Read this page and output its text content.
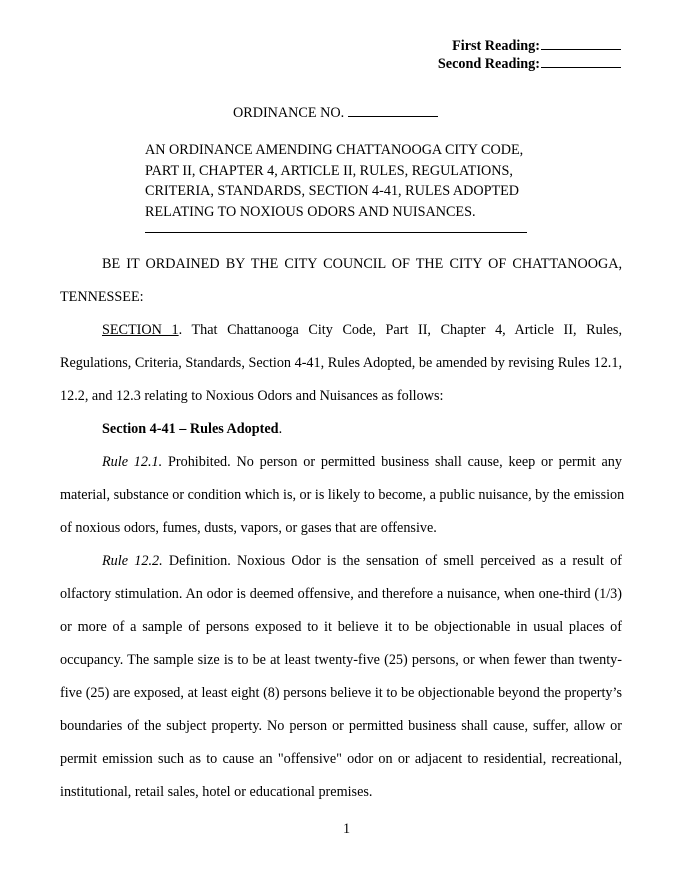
First Reading:
Second Reading:
ORDINANCE NO.

AN ORDINANCE AMENDING CHATTANOOGA CITY CODE,
PART II, CHAPTER 4, ARTICLE II, RULES, REGULATIONS,
CRITERIA, STANDARDS, SECTION 4-41, RULES ADOPTED
RELATING TO NOXIOUS ODORS AND NUISANCES.

BE IT ORDAINED BY THE CITY COUNCIL OF THE CITY OF CHATTANOOGA,
TENNESSEE:
SECTION 1. That Chattanooga City Code, Part II, Chapter 4, Article II, Rules,
Regulations, Criteria, Standards, Section 4-41, Rules Adopted, be amended by revising Rules 12.1,
12.2, and 12.3 relating to Noxious Odors and Nuisances as follows:
Section 4-41 – Rules Adopted.
Rule 12.1. Prohibited. No person or permitted business shall cause, keep or permit any
material, substance or condition which is, or is likely to become, a public nuisance, by the emission
of noxious odors, fumes, dusts, vapors, or gases that are offensive.
Rule 12.2. Definition. Noxious Odor is the sensation of smell perceived as a result of
olfactory stimulation. An odor is deemed offensive, and therefore a nuisance, when one-third (1/3)
or more of a sample of persons exposed to it believe it to be objectionable in usual places of
occupancy. The sample size is to be at least twenty-five (25) persons, or when fewer than twenty-
five (25) are exposed, at least eight (8) persons believe it to be objectionable beyond the property’s
boundaries of the subject property. No person or permitted business shall cause, suffer, allow or
permit emission such as to cause an "offensive" odor on or adjacent to residential, recreational,
institutional, retail sales, hotel or educational premises.
1
